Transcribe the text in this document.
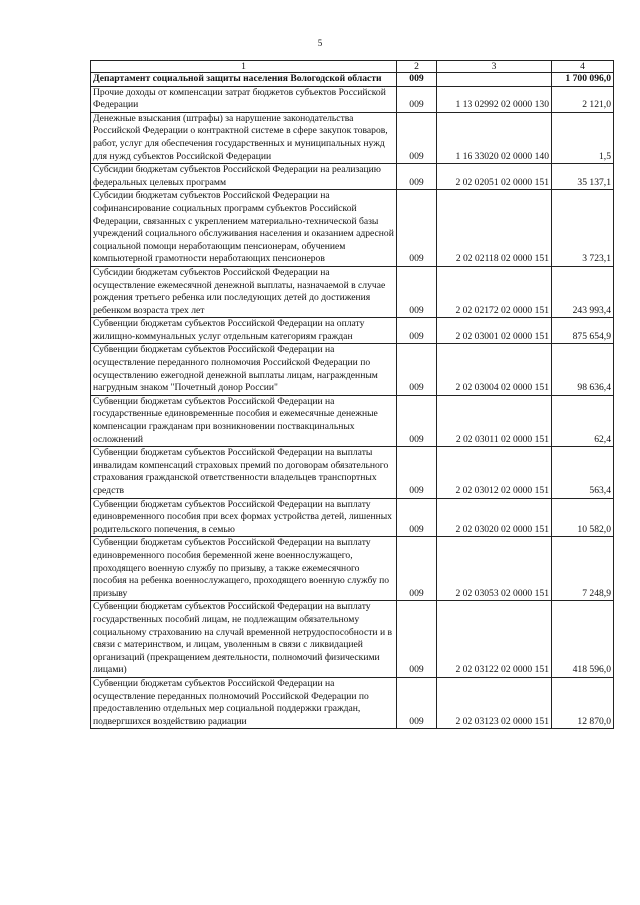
5
1	2	3	4
Департамент социальной защиты населения Вологодской области	009		1 700 096,0
Прочие доходы от компенсации затрат бюджетов субъектов Российской Федерации	009	1 13 02992 02 0000 130	2 121,0
Денежные взыскания (штрафы) за нарушение законодательства Российской Федерации о контрактной системе в сфере закупок товаров, работ, услуг для обеспечения государственных и муниципальных нужд для нужд субъектов Российской Федерации	009	1 16 33020 02 0000 140	1,5
Субсидии бюджетам субъектов Российской Федерации на реализацию федеральных целевых программ	009	2 02 02051 02 0000 151	35 137,1
Субсидии бюджетам субъектов Российской Федерации на софинансирование социальных программ субъектов Российской Федерации, связанных с укреплением материально-технической базы учреждений социального обслуживания населения и оказанием адресной социальной помощи неработающим пенсионерам, обучением компьютерной грамотности неработающих пенсионеров	009	2 02 02118 02 0000 151	3 723,1
Субсидии бюджетам субъектов Российской Федерации на осуществление ежемесячной денежной выплаты, назначаемой в случае рождения третьего ребенка или последующих детей до достижения ребенком возраста трех лет	009	2 02 02172 02 0000 151	243 993,4
Субвенции бюджетам субъектов Российской Федерации на оплату жилищно-коммунальных услуг отдельным категориям граждан	009	2 02 03001 02 0000 151	875 654,9
Субвенции бюджетам субъектов Российской Федерации на осуществление переданного полномочия Российской Федерации по осуществлению ежегодной денежной выплаты лицам, награжденным нагрудным знаком "Почетный донор России"	009	2 02 03004 02 0000 151	98 636,4
Субвенции бюджетам субъектов Российской Федерации на государственные единовременные пособия и ежемесячные денежные компенсации гражданам при возникновении поствакцинальных осложнений	009	2 02 03011 02 0000 151	62,4
Субвенции бюджетам субъектов Российской Федерации на выплаты инвалидам компенсаций страховых премий по договорам обязательного страхования гражданской ответственности владельцев транспортных средств	009	2 02 03012 02 0000 151	563,4
Субвенции бюджетам субъектов Российской Федерации на выплату единовременного пособия при всех формах устройства детей, лишенных родительского попечения, в семью	009	2 02 03020 02 0000 151	10 582,0
Субвенции бюджетам субъектов Российской Федерации на выплату единовременного пособия беременной жене военнослужащего, проходящего военную службу по призыву, а также ежемесячного пособия на ребенка военнослужащего, проходящего военную службу по призыву	009	2 02 03053 02 0000 151	7 248,9
Субвенции бюджетам субъектов Российской Федерации на выплату государственных пособий лицам, не подлежащим обязательному социальному страхованию на случай временной нетрудоспособности и в связи с материнством, и лицам, уволенным в связи с ликвидацией организаций (прекращением деятельности, полномочий физическими лицами)	009	2 02 03122 02 0000 151	418 596,0
Субвенции бюджетам субъектов Российской Федерации на осуществление переданных полномочий Российской Федерации по предоставлению отдельных мер социальной поддержки граждан, подвергшихся воздействию радиации	009	2 02 03123 02 0000 151	12 870,0
